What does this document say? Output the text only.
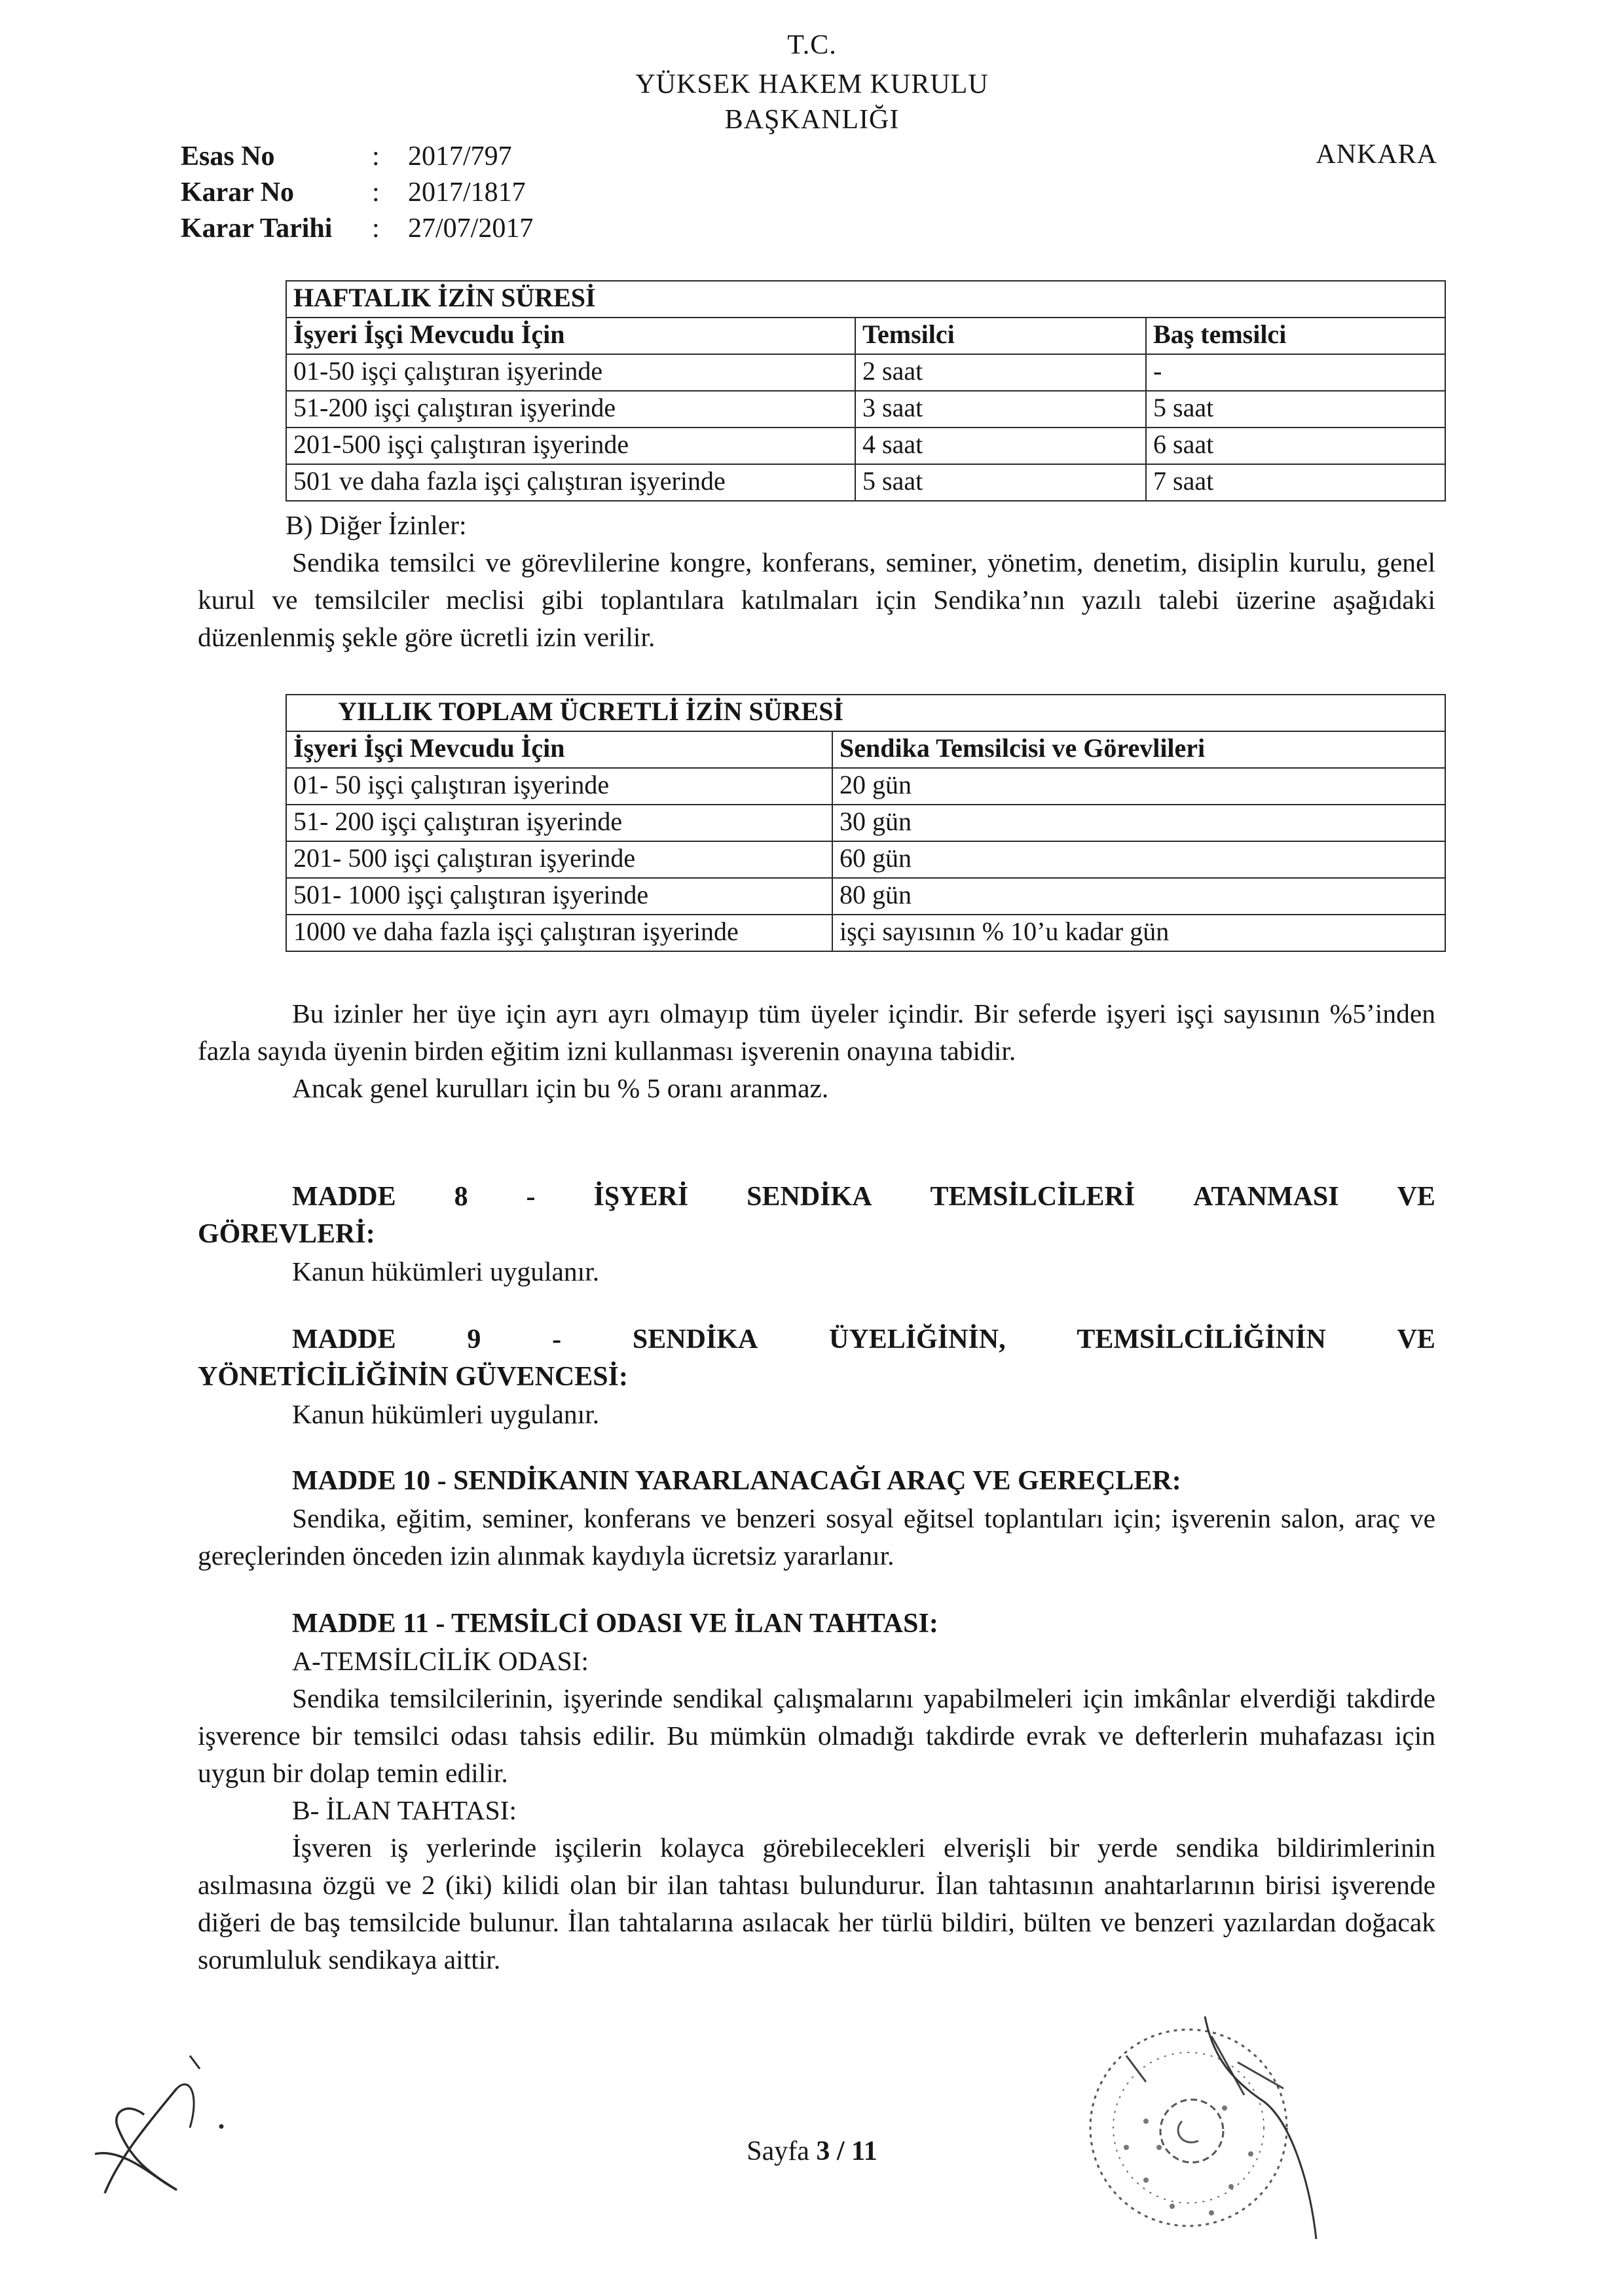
T.C.
YÜKSEK HAKEM KURULU
BAŞKANLIĞI
ANKARA
Esas No	:	2017/797
Karar No	:	2017/1817
Karar Tarihi	:	27/07/2017
HAFTALIK İZİN SÜRESİ		
İşyeri İşçi Mevcudu İçin	Temsilci	Baş temsilci
01-50 işçi çalıştıran işyerinde	2 saat	-
51-200 işçi çalıştıran işyerinde	3 saat	5 saat
201-500 işçi çalıştıran işyerinde	4 saat	6 saat
501 ve daha fazla işçi çalıştıran işyerinde	5 saat	7 saat

B) Diğer İzinler:

Sendika temsilci ve görevlilerine kongre, konferans, seminer, yönetim, denetim, disiplin kurulu, genel kurul ve temsilciler meclisi gibi toplantılara katılmaları için Sendika’nın yazılı talebi üzerine aşağıdaki düzenlenmiş şekle göre ücretli izin verilir.

YILLIK TOPLAM ÜCRETLİ İZİN SÜRESİ	
İşyeri İşçi Mevcudu İçin	Sendika Temsilcisi ve Görevlileri
01- 50 işçi çalıştıran işyerinde	20 gün
51- 200 işçi çalıştıran işyerinde	30 gün
201- 500 işçi çalıştıran işyerinde	60 gün
501- 1000 işçi çalıştıran işyerinde	80 gün
1000 ve daha fazla işçi çalıştıran işyerinde	işçi sayısının % 10’u kadar gün

Bu izinler her üye için ayrı ayrı olmayıp tüm üyeler içindir. Bir seferde işyeri işçi sayısının %5’inden fazla sayıda üyenin birden eğitim izni kullanması işverenin onayına tabidir.

Ancak genel kurulları için bu % 5 oranı aranmaz.

MADDE 8 - İŞYERİ SENDİKA TEMSİLCİLERİ ATANMASI VE
GÖREVLERİ:
Kanun hükümleri uygulanır.
MADDE	9	-	SENDİKA	ÜYELİĞİNİN,	TEMSİLCİLİĞİNİN	VE
YÖNETİCİLİĞİNİN GÜVENCESİ:
Kanun hükümleri uygulanır.
MADDE 10 - SENDİKANIN YARARLANACAĞI ARAÇ VE GEREÇLER:
Sendika, eğitim, seminer, konferans ve benzeri sosyal eğitsel toplantıları için; işverenin salon, araç ve gereçlerinden önceden izin alınmak kaydıyla ücretsiz yararlanır.
MADDE 11 - TEMSİLCİ ODASI VE İLAN TAHTASI:
A-TEMSİLCİLİK ODASI:
Sendika temsilcilerinin, işyerinde sendikal çalışmalarını yapabilmeleri için imkânlar elverdiği takdirde işverence bir temsilci odası tahsis edilir. Bu mümkün olmadığı takdirde evrak ve defterlerin muhafazası için uygun bir dolap temin edilir.
B- İLAN TAHTASI:
İşveren iş yerlerinde işçilerin kolayca görebilecekleri elverişli bir yerde sendika bildirimlerinin asılmasına özgü ve 2 (iki) kilidi olan bir ilan tahtası bulundurur. İlan tahtasının anahtarlarının birisi işverende diğeri de baş temsilcide bulunur. İlan tahtalarına asılacak her türlü bildiri, bülten ve benzeri yazılardan doğacak sorumluluk sendikaya aittir.
Sayfa 3 / 11
